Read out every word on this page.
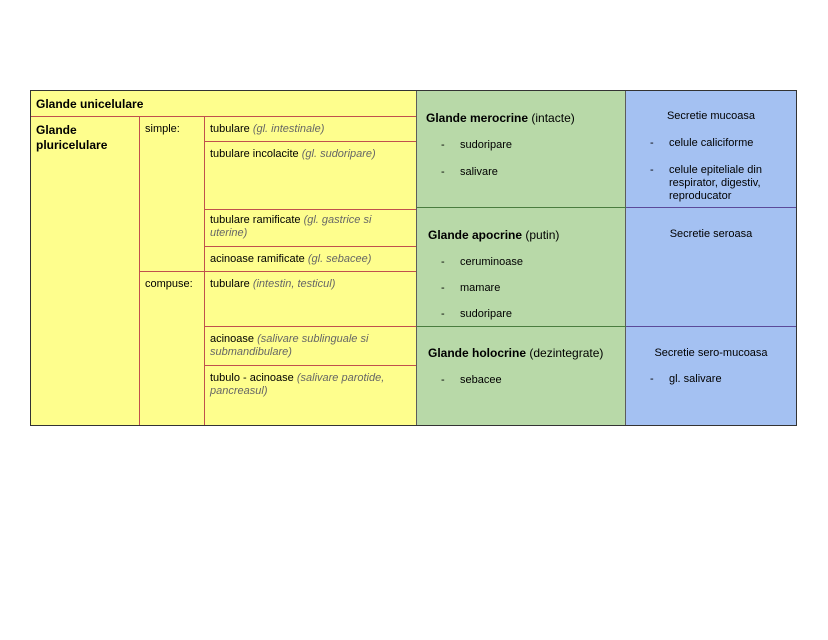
Glande unicelulare
Glande pluricelulare
simple:
compuse:
tubulare (gl. intestinale)
tubulare incolacite (gl. sudoripare)
tubulare ramificate (gl. gastrice si uterine)
acinoase ramificate (gl. sebacee)
tubulare (intestin, testicul)
acinoase (salivare sublinguale si submandibulare)
tubulo - acinoase (salivare parotide, pancreasul)
Glande merocrine (intacte)
- sudoripare
- salivare
Glande apocrine (putin)
- ceruminoase
- mamare
- sudoripare
Glande holocrine (dezintegrate)
- sebacee
Secretie mucoasa
- celule caliciforme
- celule epiteliale din respirator, digestiv, reproducator
Secretie seroasa
Secretie sero-mucoasa
- gl. salivare
